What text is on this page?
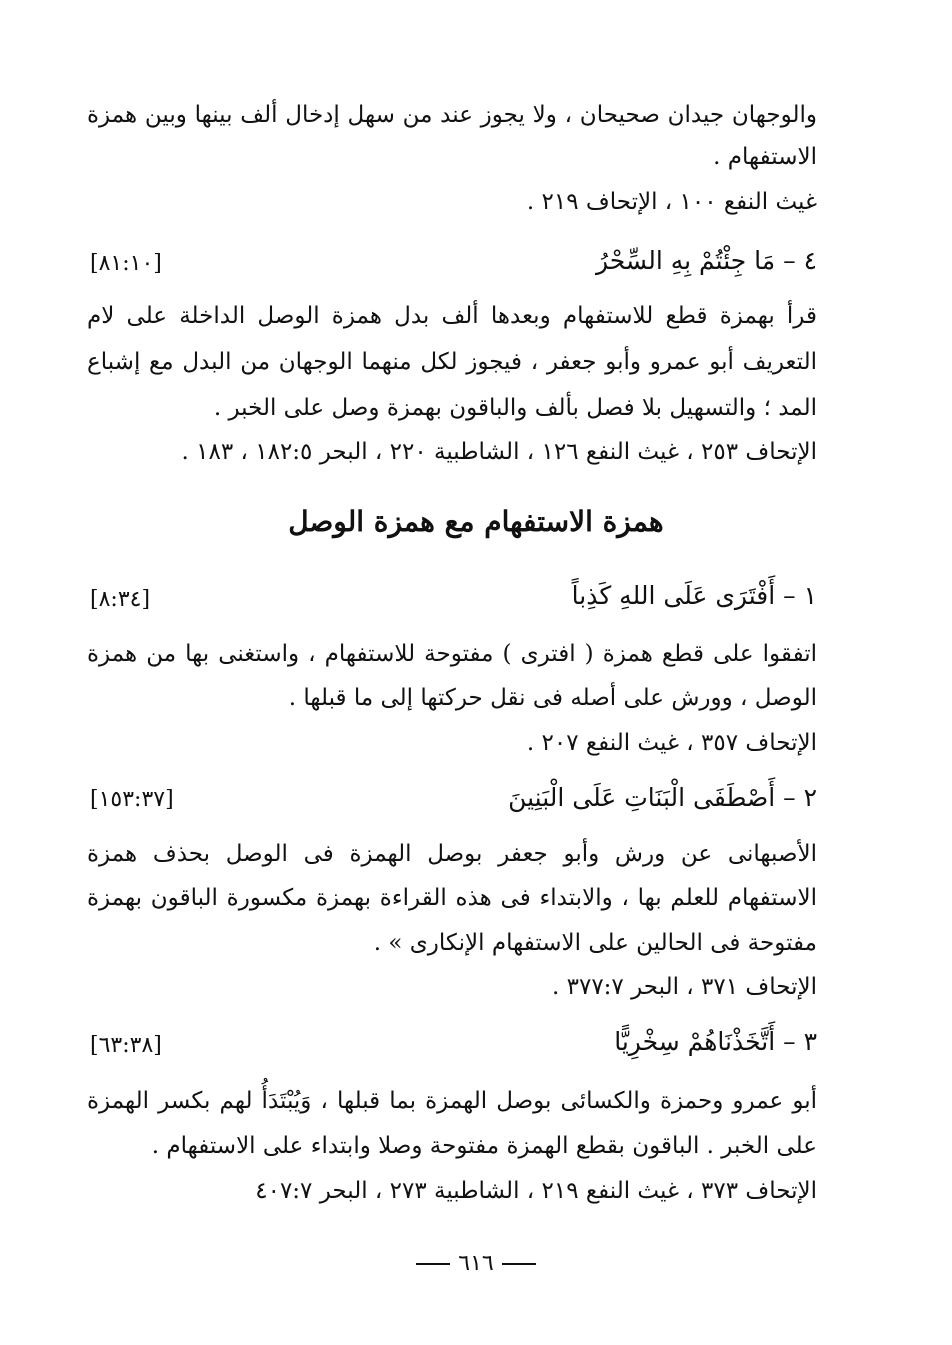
والوجهان جيدان صحيحان ، ولا يجوز عند من سهل إدخال ألف بينها وبين همزة
الاستفهام .
غيث النفع ١٠٠ ، الإتحاف ٢١٩ .
٤ – مَا جِئْتُمْ بِهِ السِّحْرُ
[٨١:١٠]
قرأ بهمزة قطع للاستفهام وبعدها ألف بدل همزة الوصل الداخلة على لام
التعريف أبو عمرو وأبو جعفر ، فيجوز لكل منهما الوجهان من البدل مع إشباع
المد ؛ والتسهيل بلا فصل بألف والباقون بهمزة وصل على الخبر .
الإتحاف ٢٥٣ ، غيث النفع ١٢٦ ، الشاطبية ٢٢٠ ، البحر ١٨٢:٥ ، ١٨٣ .
همزة الاستفهام مع همزة الوصل
١ – أَفْتَرَى عَلَى اللهِ كَذِباً
[٨:٣٤]
اتفقوا على قطع همزة ( افترى ) مفتوحة للاستفهام ، واستغنى بها من همزة
الوصل ، وورش على أصله فى نقل حركتها إلى ما قبلها .
الإتحاف ٣٥٧ ، غيث النفع ٢٠٧ .
٢ – أَصْطَفَى الْبَنَاتِ عَلَى الْبَنِينَ
[١٥٣:٣٧]
الأصبهانى عن ورش وأبو جعفر بوصل الهمزة فى الوصل بحذف همزة
الاستفهام للعلم بها ، والابتداء فى هذه القراءة بهمزة مكسورة الباقون بهمزة
مفتوحة فى الحالين على الاستفهام الإنكارى » .
الإتحاف ٣٧١ ، البحر ٣٧٧:٧ .
٣ – أَتَّخَذْنَاهُمْ سِخْرِيًّا
[٦٣:٣٨]
أبو عمرو وحمزة والكسائى بوصل الهمزة بما قبلها ، وَيُبْتَدَأُ لهم بكسر الهمزة
على الخبر . الباقون بقطع الهمزة مفتوحة وصلا وابتداء على الاستفهام .
الإتحاف ٣٧٣ ، غيث النفع ٢١٩ ، الشاطبية ٢٧٣ ، البحر ٤٠٧:٧
٦١٦
